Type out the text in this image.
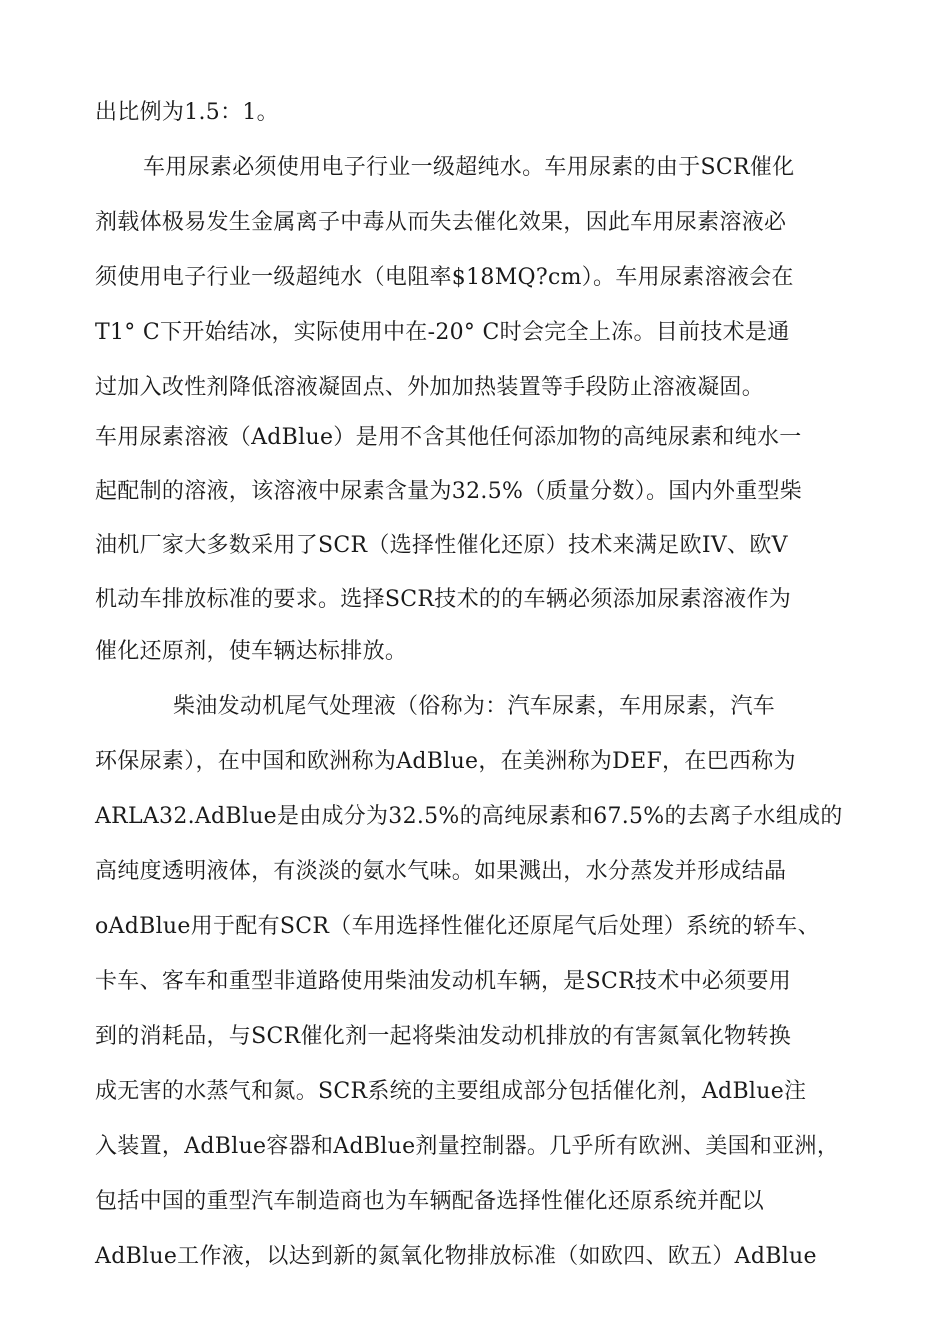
出比例为1.5：1。
车用尿素必须使用电子行业一级超纯水。车用尿素的由于SCR催化
剂载体极易发生金属离子中毒从而失去催化效果，因此车用尿素溶液必
须使用电子行业一级超纯水（电阻率$18MQ?cm）。车用尿素溶液会在
T1° C下开始结冰，实际使用中在-20° C时会完全上冻。目前技术是通
过加入改性剂降低溶液凝固点、外加加热装置等手段防止溶液凝固。
车用尿素溶液（AdBlue）是用不含其他任何添加物的高纯尿素和纯水一
起配制的溶液，该溶液中尿素含量为32.5%（质量分数）。国内外重型柴
油机厂家大多数采用了SCR（选择性催化还原）技术来满足欧IV、欧V
机动车排放标准的要求。选择SCR技术的的车辆必须添加尿素溶液作为
催化还原剂，使车辆达标排放。
柴油发动机尾气处理液（俗称为：汽车尿素，车用尿素，汽车
环保尿素），在中国和欧洲称为AdBlue，在美洲称为DEF，在巴西称为
ARLA32.AdBlue是由成分为32.5%的高纯尿素和67.5%的去离子水组成的
高纯度透明液体，有淡淡的氨水气味。如果溅出，水分蒸发并形成结晶
oAdBlue用于配有SCR（车用选择性催化还原尾气后处理）系统的轿车、
卡车、客车和重型非道路使用柴油发动机车辆，是SCR技术中必须要用
到的消耗品，与SCR催化剂一起将柴油发动机排放的有害氮氧化物转换
成无害的水蒸气和氮。SCR系统的主要组成部分包括催化剂，AdBlue注
入装置，AdBlue容器和AdBlue剂量控制器。几乎所有欧洲、美国和亚洲，
包括中国的重型汽车制造商也为车辆配备选择性催化还原系统并配以
AdBlue工作液，以达到新的氮氧化物排放标准（如欧四、欧五）AdBlue
